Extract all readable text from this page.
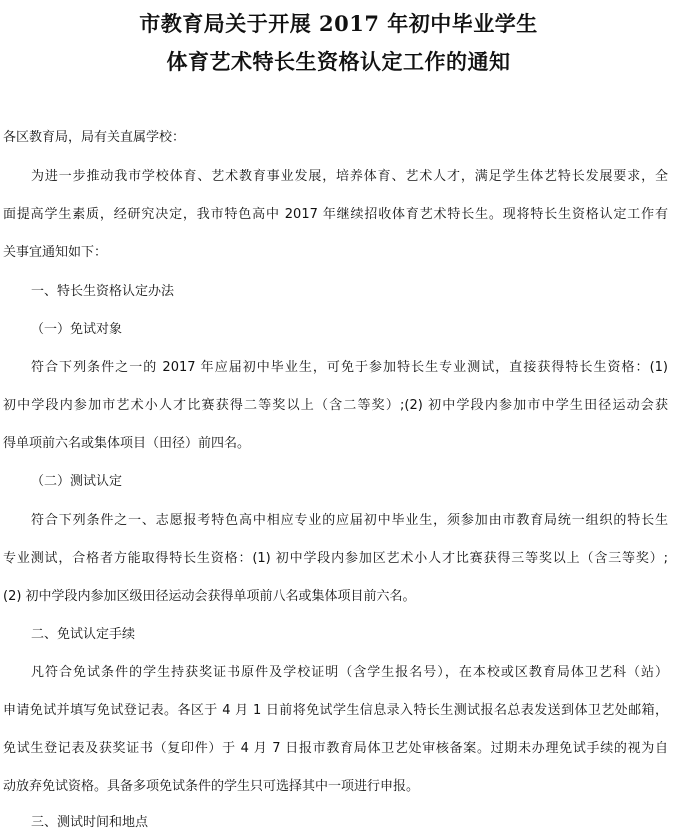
市教育局关于开展 2017 年初中毕业学生
体育艺术特长生资格认定工作的通知
各区教育局，局有关直属学校：
为进一步推动我市学校体育、艺术教育事业发展，培养体育、艺术人才，满足学生体艺特长发展要求，全
面提高学生素质，经研究决定，我市特色高中 2017 年继续招收体育艺术特长生。现将特长生资格认定工作有
关事宜通知如下：
一、特长生资格认定办法
（一）免试对象
符合下列条件之一的 2017 年应届初中毕业生，可免于参加特长生专业测试，直接获得特长生资格：(1)
初中学段内参加市艺术小人才比赛获得二等奖以上（含二等奖）;(2) 初中学段内参加市中学生田径运动会获
得单项前六名或集体项目（田径）前四名。
（二）测试认定
符合下列条件之一、志愿报考特色高中相应专业的应届初中毕业生，须参加由市教育局统一组织的特长生
专业测试，合格者方能取得特长生资格：(1) 初中学段内参加区艺术小人才比赛获得三等奖以上（含三等奖）;
(2) 初中学段内参加区级田径运动会获得单项前八名或集体项目前六名。
二、免试认定手续
凡符合免试条件的学生持获奖证书原件及学校证明（含学生报名号），在本校或区教育局体卫艺科（站）
申请免试并填写免试登记表。各区于 4 月 1 日前将免试学生信息录入特长生测试报名总表发送到体卫艺处邮箱，
免试生登记表及获奖证书（复印件）于 4 月 7 日报市教育局体卫艺处审核备案。过期未办理免试手续的视为自
动放弃免试资格。具备多项免试条件的学生只可选择其中一项进行申报。
三、测试时间和地点
